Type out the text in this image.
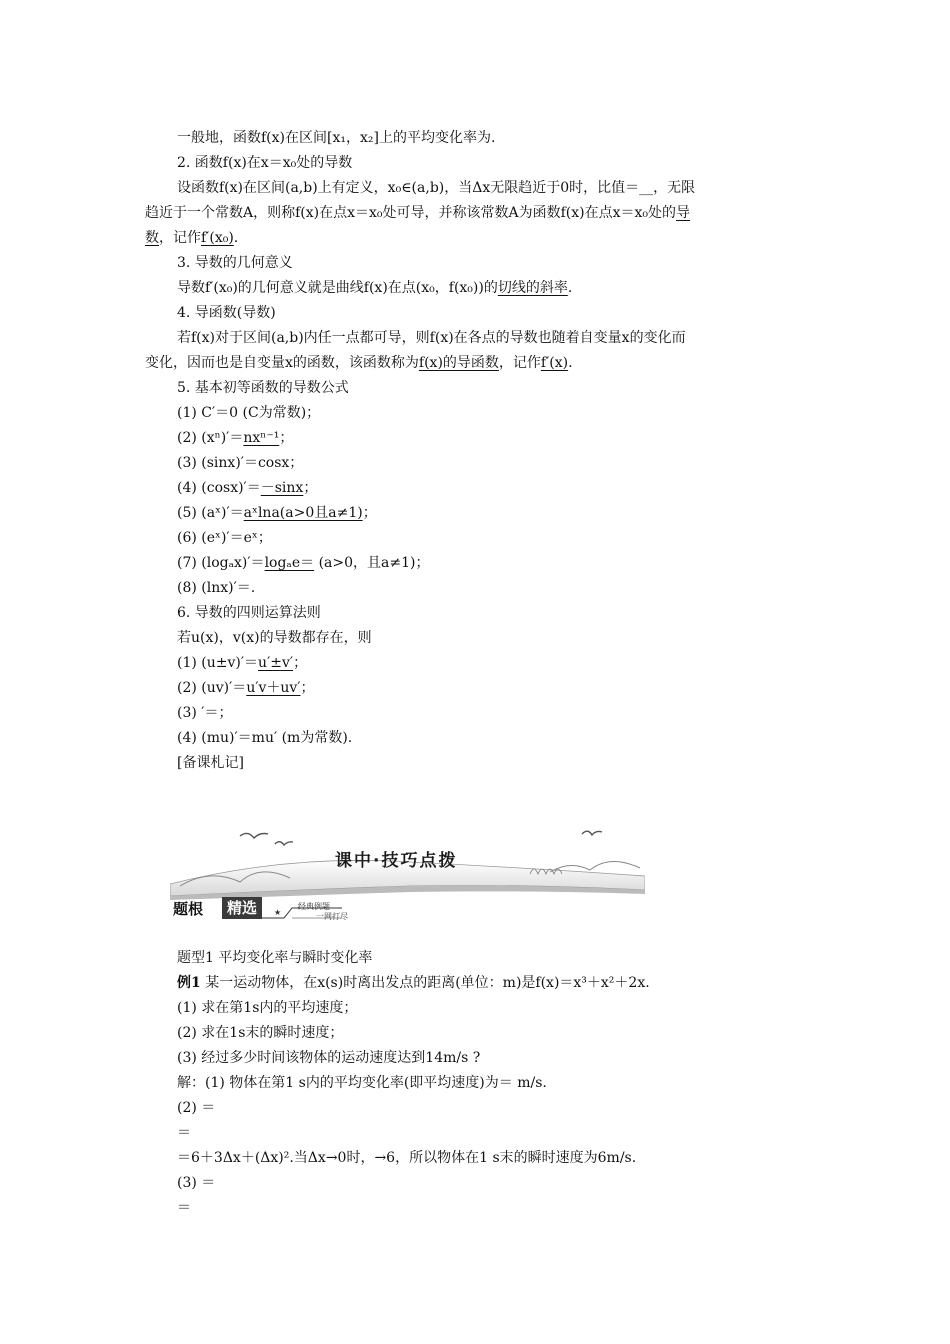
一般地，函数f(x)在区间[x₁，x₂]上的平均变化率为.
2. 函数f(x)在x＝x₀处的导数
设函数f(x)在区间(a,b)上有定义，x₀∈(a,b)，当Δx无限趋近于0时，比值＝__，无限
趋近于一个常数A，则称f(x)在点x＝x₀处可导，并称该常数A为函数f(x)在点x＝x₀处的导
数，记作f′(x₀).
3. 导数的几何意义
导数f′(x₀)的几何意义就是曲线f(x)在点(x₀，f(x₀))的切线的斜率.
4. 导函数(导数)
若f(x)对于区间(a,b)内任一点都可导，则f(x)在各点的导数也随着自变量x的变化而
变化，因而也是自变量x的函数，该函数称为f(x)的导函数，记作f′(x).
5. 基本初等函数的导数公式
(1) C′＝0 (C为常数)；
(2) (xⁿ)′＝nxⁿ⁻¹；
(3) (sinx)′＝cosx；
(4) (cosx)′＝－sinx；
(5) (aˣ)′＝aˣlna(a>0且a≠1)；
(6) (eˣ)′＝eˣ；
(7) (logₐx)′＝logₐe＝ (a>0，且a≠1)；
(8) (lnx)′＝.
6. 导数的四则运算法则
若u(x)，v(x)的导数都存在，则
(1) (u±v)′＝u′±v′；
(2) (uv)′＝u′v＋uv′；
(3) ′＝；
(4) (mu)′＝mu′ (m为常数).
[备课札记]
课中·技巧点拨
题根	精选	★
经典例题
一网打尽
题型1 平均变化率与瞬时变化率
例1 某一运动物体，在x(s)时离出发点的距离(单位：m)是f(x)＝x³＋x²＋2x.
(1) 求在第1s内的平均速度；
(2) 求在1s末的瞬时速度；
(3) 经过多少时间该物体的运动速度达到14m/s ?
解：(1) 物体在第1 s内的平均变化率(即平均速度)为＝ m/s.
(2) ＝
＝
＝6＋3Δx＋(Δx)².当Δx→0时，→6，所以物体在1 s末的瞬时速度为6m/s.
(3) ＝
＝
